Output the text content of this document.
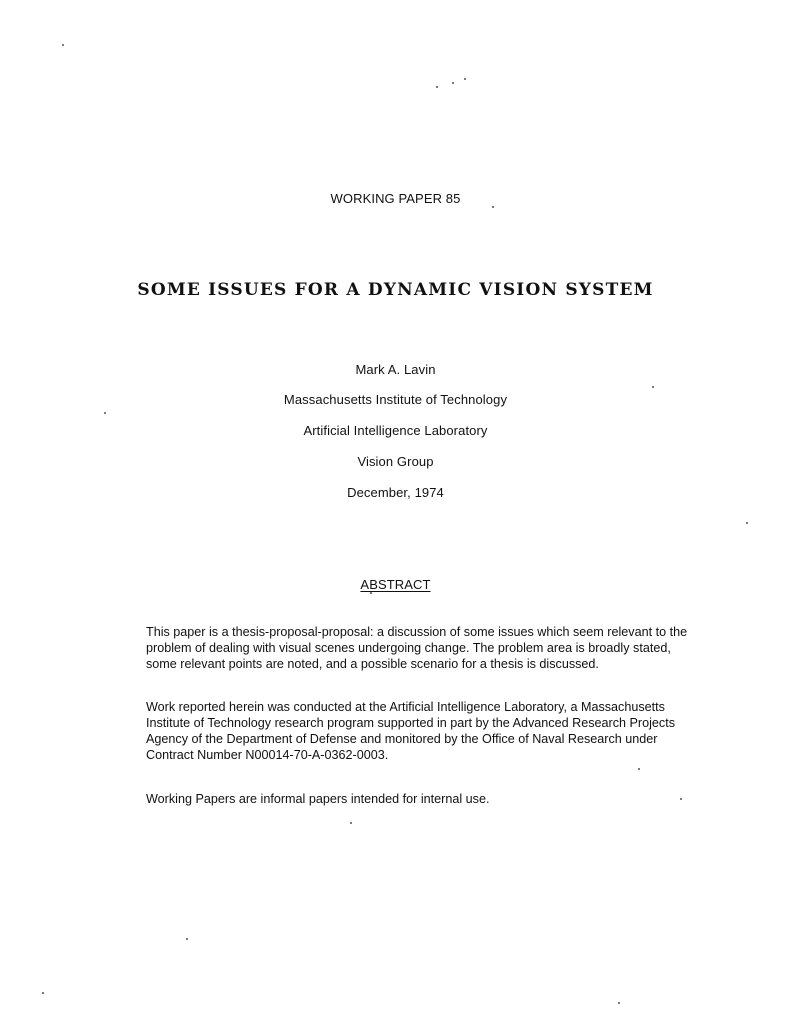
WORKING PAPER 85
SOME ISSUES FOR A DYNAMIC VISION SYSTEM
Mark A. Lavin
Massachusetts Institute of Technology
Artificial Intelligence Laboratory
Vision Group
December, 1974
ABSTRACT
This paper is a thesis-proposal-proposal: a discussion of some issues which seem relevant to the problem of dealing with visual scenes undergoing change. The problem area is broadly stated, some relevant points are noted, and a possible scenario for a thesis is discussed.
Work reported herein was conducted at the Artificial Intelligence Laboratory, a Massachusetts Institute of Technology research program supported in part by the Advanced Research Projects Agency of the Department of Defense and monitored by the Office of Naval Research under Contract Number N00014-70-A-0362-0003.
Working Papers are informal papers intended for internal use.
